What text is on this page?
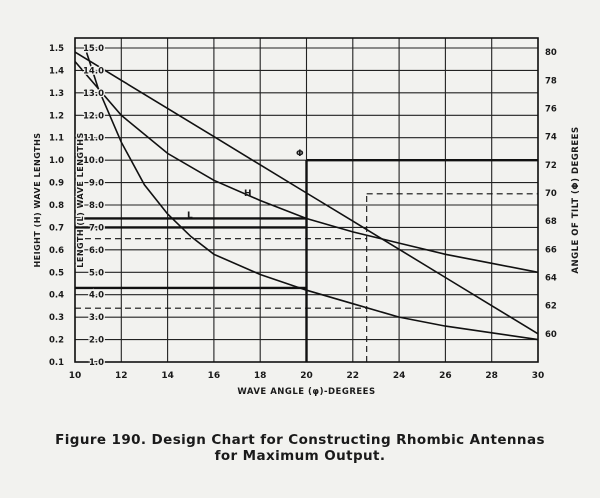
Φ
H
L
10	12	14	16	18	20	22	24	26	28	30
0.1
0.2
0.3
0.4
0.5
0.6
0.7
0.8
0.9
1.0
1.1
1.2
1.3
1.4
1.5
1.0
2.0
3.0
4.0
5.0
6.0
7.0
8.0
9.0
10.0
11.0
12.0
13.0
14.0
15.0
60
62
64
66
68
70
72
74
76
78
80
WAVE ANGLE (φ)-DEGREES
HEIGHT (H) WAVE LENGTHS	LENGTH (L) WAVE LENGTHS	ANGLE OF TILT (Φ) DEGREES
Figure 190. Design Chart for Constructing Rhombic Antennas
for Maximum Output.
